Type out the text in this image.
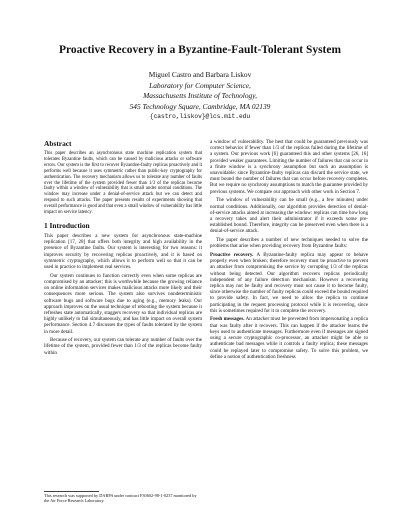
Proactive Recovery in a Byzantine-Fault-Tolerant System
Miguel Castro and Barbara Liskov
Laboratory for Computer Science,
Massachusetts Institute of Technology,
545 Technology Square, Cambridge, MA 02139
{castro,liskov}@lcs.mit.edu
Abstract

This paper describes an asynchronous state machine replication system that tolerates Byzantine faults, which can be caused by malicious attacks or software errors. Our system is the first to recover Byzantine-faulty replicas proactively and it performs well because it uses symmetric rather than public-key cryptography for authentication. The recovery mechanism allows us to tolerate any number of faults over the lifetime of the system provided fewer than 1/3 of the replicas become faulty within a window of vulnerability that is small under normal conditions. The window may increase under a denial-of-service attack but we can detect and respond to such attacks. The paper presents results of experiments showing that overall performance is good and that even a small window of vulnerability has little impact on service latency.

1 Introduction

This paper describes a new system for asynchronous state-machine replication [17, 28] that offers both integrity and high availability in the presence of Byzantine faults. Our system is interesting for two reasons: it improves security by recovering replicas proactively, and it is based on symmetric cryptography, which allows it to perform well so that it can be used in practice to implement real services.

Our system continues to function correctly even when some replicas are compromised by an attacker; this is worthwhile because the growing reliance on online information services makes malicious attacks more likely and their consequences more serious. The system also survives nondeterministic software bugs and software bugs due to aging (e.g., memory leaks). Our approach improves on the usual technique of rebooting the system because it refreshes state automatically, staggers recovery so that individual replicas are highly unlikely to fail simultaneously, and has little impact on overall system performance. Section 4.7 discusses the types of faults tolerated by the system in more detail.

Because of recovery, our system can tolerate any number of faults over the lifetime of the system, provided fewer than 1/3 of the replicas become faulty within

a window of vulnerability. The best that could be guaranteed previously was correct behavior if fewer than 1/3 of the replicas failed during the lifetime of a system. Our previous work [6] guaranteed this and other systems [26, 16] provided weaker guarantees. Limiting the number of failures that can occur in a finite window is a synchrony assumption but such an assumption is unavoidable: since Byzantine-faulty replicas can discard the service state, we must bound the number of failures that can occur before recovery completes. But we require no synchrony assumptions to match the guarantee provided by previous systems. We compare our approach with other work in Section 7.

The window of vulnerability can be small (e.g., a few minutes) under normal conditions. Additionally, our algorithm provides detection of denial-of-service attacks aimed at increasing the window: replicas can time how long a recovery takes and alert their administrator if it exceeds some pre-established bound. Therefore, integrity can be preserved even when there is a denial-of-service attack.

The paper describes a number of new techniques needed to solve the problems that arise when providing recovery from Byzantine faults:

Proactive recovery. A Byzantine-faulty replica may appear to behave properly even when broken; therefore recovery must be proactive to prevent an attacker from compromising the service by corrupting 1/3 of the replicas without being detected. Our algorithm recovers replicas periodically independent of any failure detection mechanism. However a recovering replica may not be faulty and recovery must not cause it to become faulty, since otherwise the number of faulty replicas could exceed the bound required to provide safety. In fact, we need to allow the replica to continue participating in the request processing protocol while it is recovering, since this is sometimes required for it to complete the recovery.

Fresh messages. An attacker must be prevented from impersonating a replica that was faulty after it recovers. This can happen if the attacker learns the keys used to authenticate messages. Furthermore even if messages are signed using a secure cryptographic co-processor, an attacker might be able to authenticate bad messages while it controls a faulty replica; these messages could be replayed later to compromise safety. To solve this problem, we define a notion of authentication freshness

This research was supported by DARPA under contract F30602-98-1-0237 monitored by the Air Force Research Laboratory.
